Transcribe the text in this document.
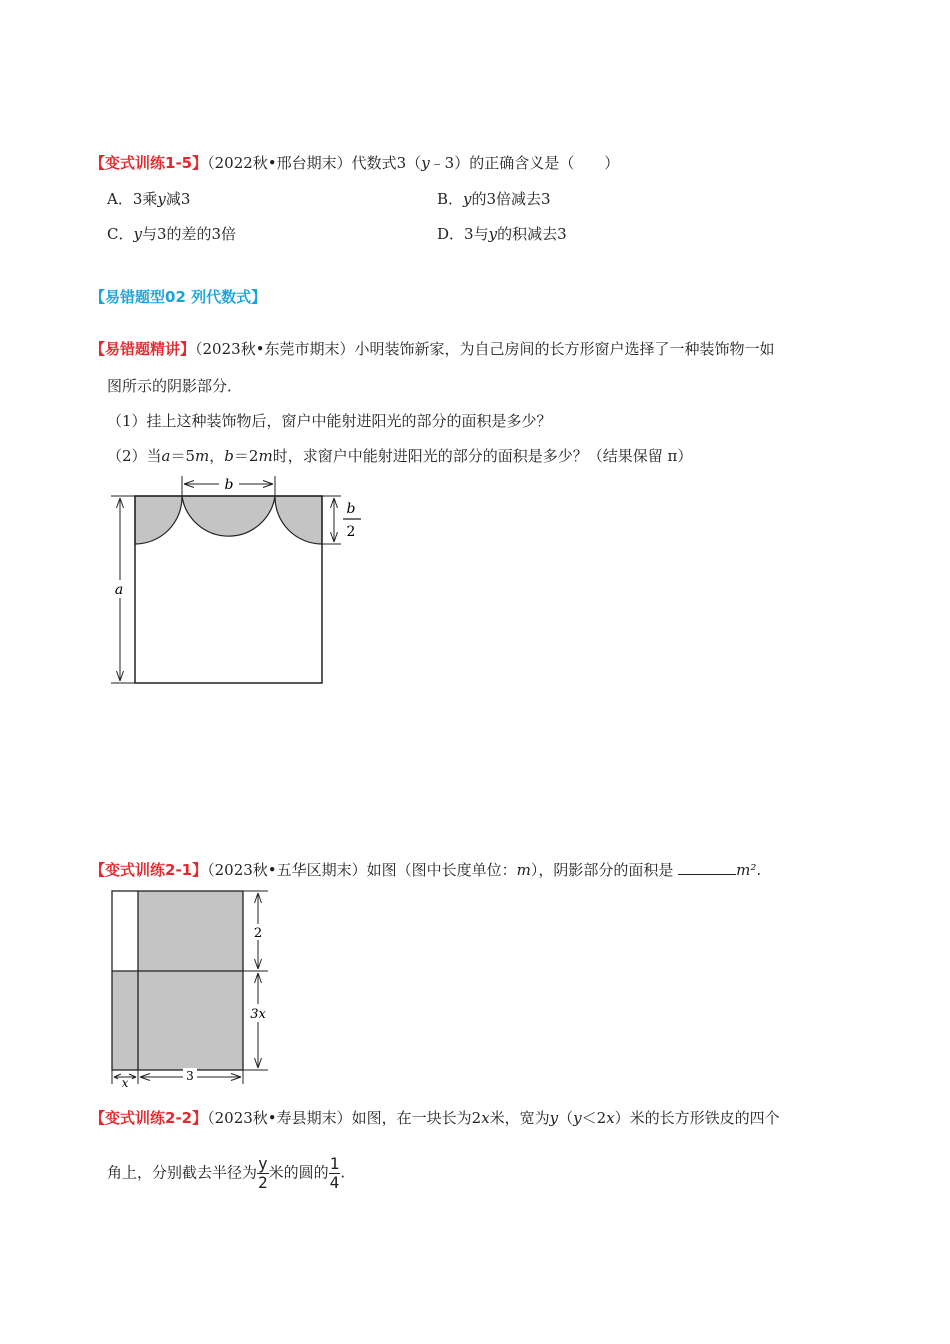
【变式训练1-5】（2022秋•邢台期末）代数式3（y﹣3）的正确含义是（　　）
A．3乘y减3	B．y的3倍减去3
C．y与3的差的3倍	D．3与y的积减去3
【易错题型02 列代数式】
【易错题精讲】（2023秋•东莞市期末）小明装饰新家，为自己房间的长方形窗户选择了一种装饰物一如
图所示的阴影部分．
（1）挂上这种装饰物后，窗户中能射进阳光的部分的面积是多少？
（2）当a＝5m，b＝2m时，求窗户中能射进阳光的部分的面积是多少？（结果保留 π）
a
b
b
2
【变式训练2-1】（2023秋•五华区期末）如图（图中长度单位：m），阴影部分的面积是	m².
2
3x
x	3
【变式训练2-2】（2023秋•寿县期末）如图，在一块长为2x米，宽为y（y＜2x）米的长方形铁皮的四个
角上，分别截去半径为 $\frac{y}{2}$ 米的圆的 $\frac{1}{4}$ .
